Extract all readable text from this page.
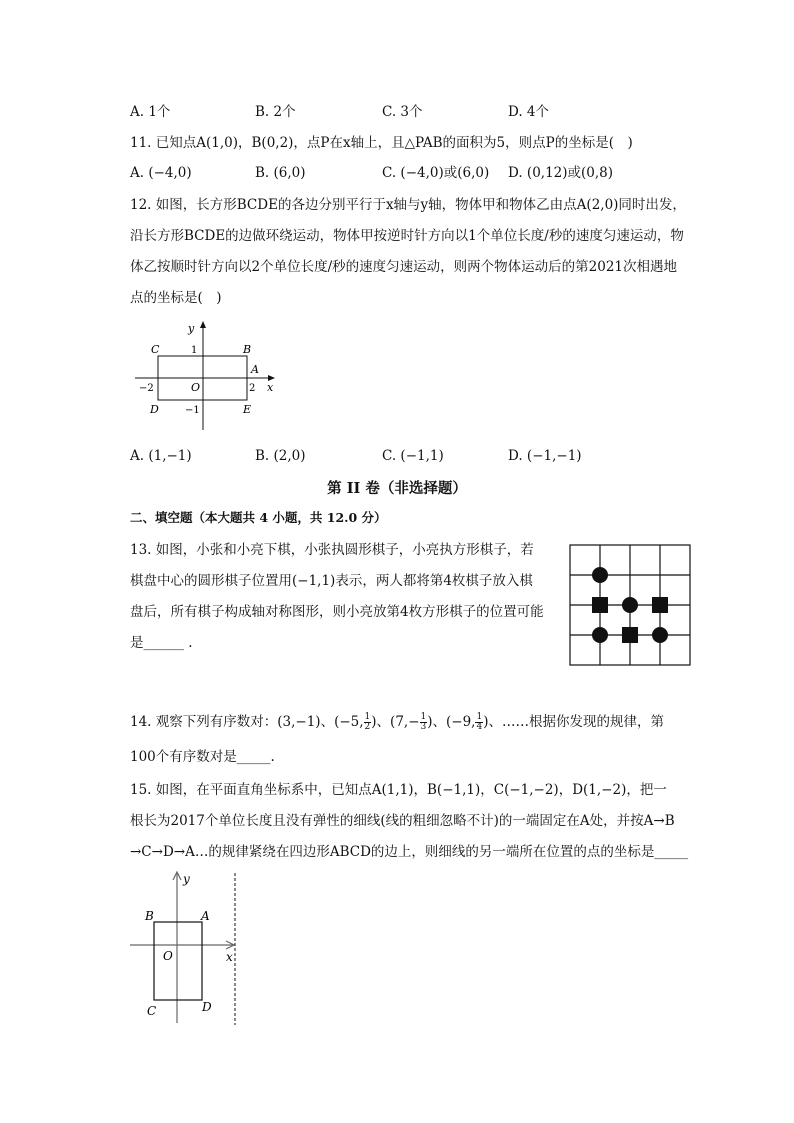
A. 1个	B. 2个	C. 3个	D. 4个
11. 已知点A(1,0)，B(0,2)，点P在x轴上，且△PAB的面积为5，则点P的坐标是(　)
A. (−4,0)	B. (6,0)	C. (−4,0)或(6,0) D. (0,12)或(0,8)
12. 如图，长方形BCDE的各边分别平行于x轴与y轴，物体甲和物体乙由点A(2,0)同时出发，
沿长方形BCDE的边做环绕运动，物体甲按逆时针方向以1个单位长度/秒的速度匀速运动，物
体乙按顺时针方向以2个单位长度/秒的速度匀速运动，则两个物体运动后的第2021次相遇地
点的坐标是(　)
y
C	1	B
A
−2	O	2 x
D	−1	E
A. (1,−1)	B. (2,0)	C. (−1,1)	D. (−1,−1)
第 II 卷（非选择题）
二、填空题（本大题共 4 小题，共 12.0 分）
13. 如图，小张和小亮下棋，小张执圆形棋子，小亮执方形棋子，若
棋盘中心的圆形棋子位置用(−1,1)表示，两人都将第4枚棋子放入棋
盘后，所有棋子构成轴对称图形，则小亮放第4枚方形棋子的位置可能
是______ .
14. 观察下列有序数对：(3,−1)、(−5, $\frac{1}{2}$ )、($7,- \frac{1}{3}$ )、(−9, $\frac{1}{4}$ )、……根据你发现的规律，第
100个有序数对是_____.
15. 如图，在平面直角坐标系中，已知点A(1,1)，B(−1,1)，C(−1,−2)，D(1,−2)，把一
根长为2017个单位长度且没有弹性的细线(线的粗细忽略不计)的一端固定在A处，并按A→B
→C→D→A…的规律紧绕在四边形ABCD的边上，则细线的另一端所在位置的点的坐标是_____
y
B	A
O	x
C	D
